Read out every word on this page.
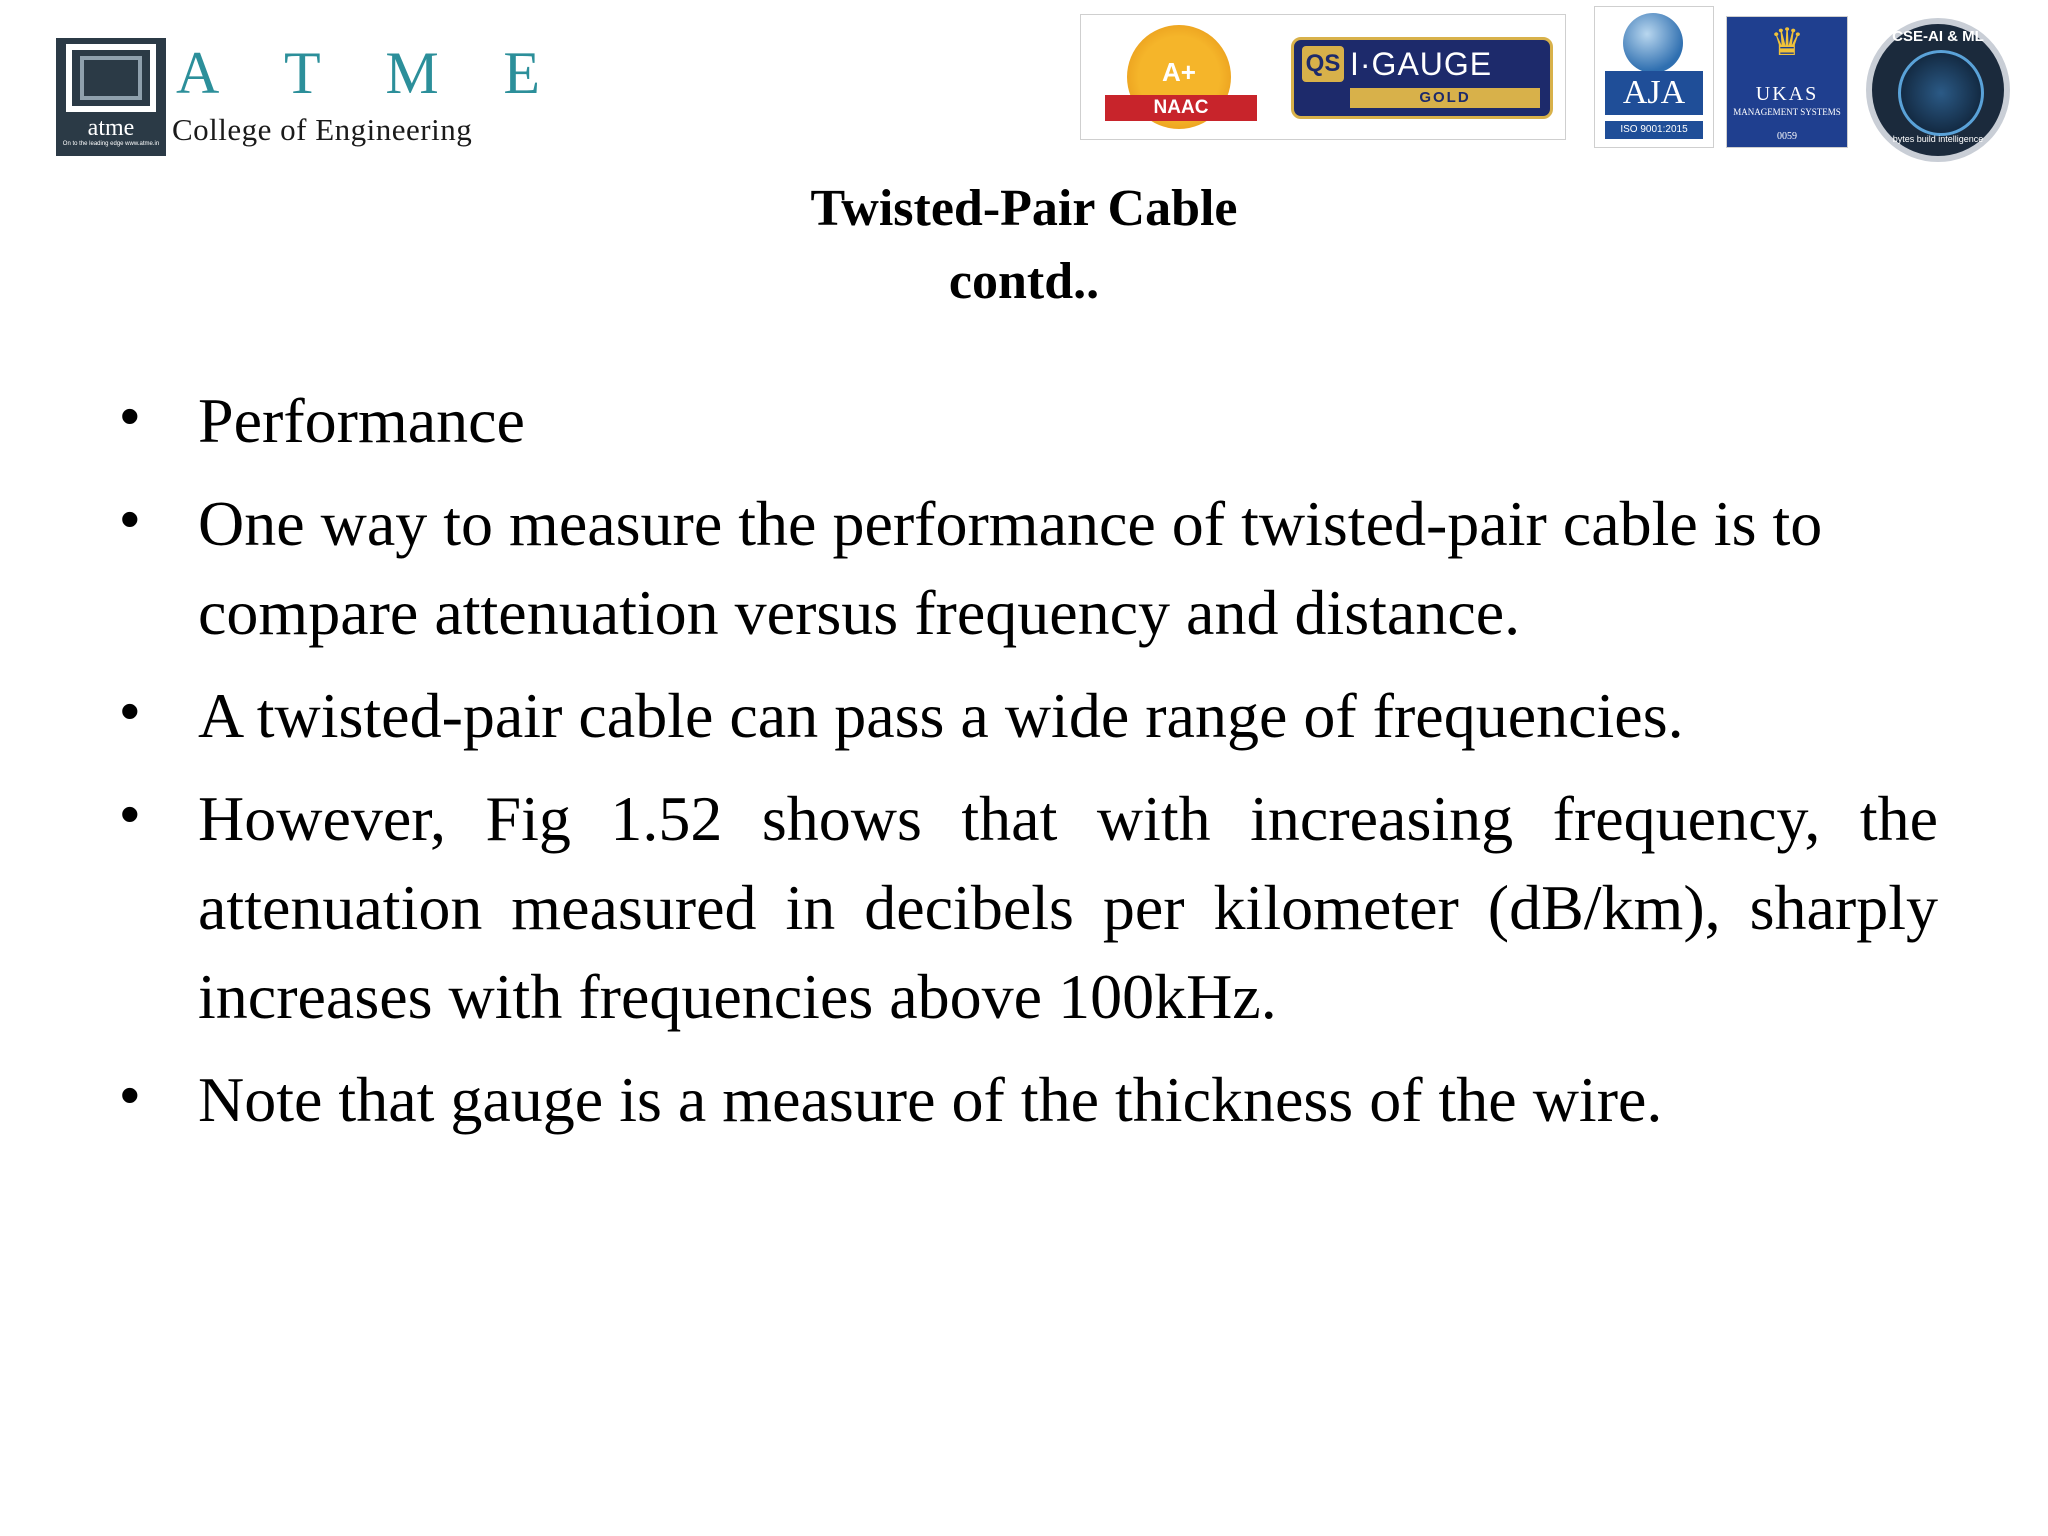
atme
On to the leading edge www.atme.in
A T M E
College of Engineering
A+
NAAC
QS I·GAUGE
GOLD	AJA
ISO 9001:2015
♛
UKAS
MANAGEMENT SYSTEMS
0059
CSE-AI & ML
bytes build intelligence
Twisted-Pair Cable
contd..
• Performance
• One way to measure the performance of twisted-pair cable is to compare attenuation versus frequency and distance.
• A twisted-pair cable can pass a wide range of frequencies.
• However, Fig 1.52 shows that with increasing frequency, the attenuation measured in decibels per kilometer (dB/km), sharply increases with frequencies above 100kHz.
• Note that gauge is a measure of the thickness of the wire.
